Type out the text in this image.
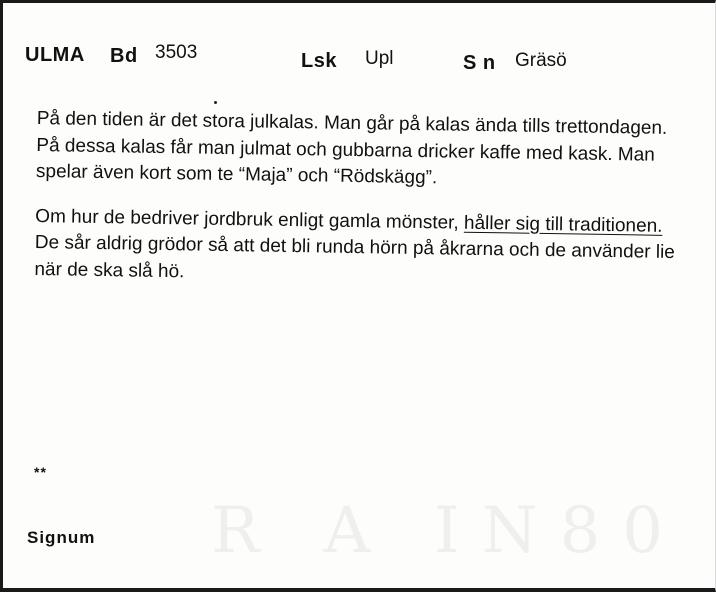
R A IN80
ULMA Bd 3503	Lsk Upl	S n Gräsö

På den tiden är det stora julkalas. Man går på kalas ända tills trettondagen. På dessa kalas får man julmat och gubbarna dricker kaffe med kask. Man spelar även kort som te “Maja” och “Rödskägg”.

Om hur de bedriver jordbruk enligt gamla mönster, håller sig till traditionen. De sår aldrig grödor så att det bli runda hörn på åkrarna och de använder lie när de ska slå hö.

**
Signum
